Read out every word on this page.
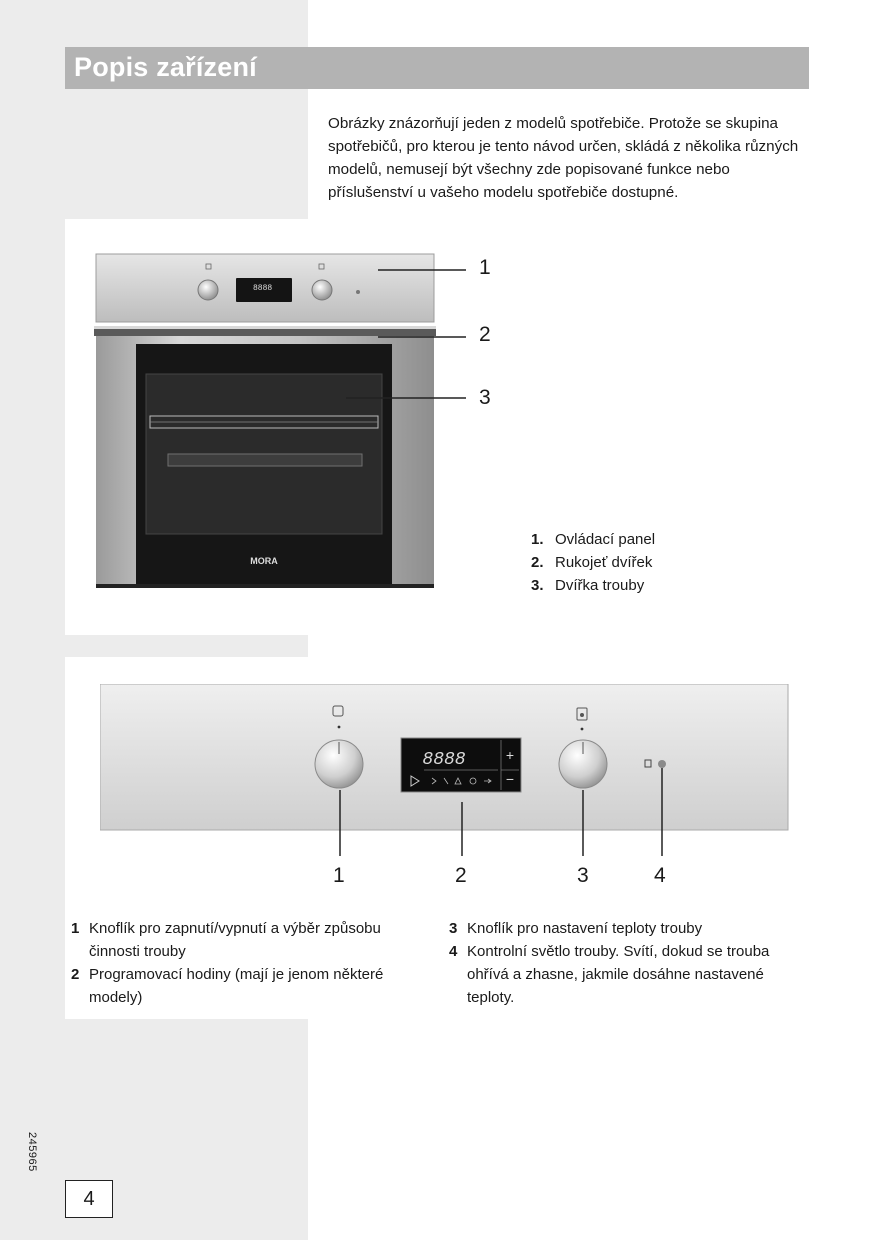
Popis zařízení

Obrázky znázorňují jeden z modelů spotřebiče. Protože se skupina spotřebičů, pro kterou je tento návod určen, skládá z několika různých modelů, nemusejí být všechny zde popisované funkce nebo příslušenství u vašeho modelu spotřebiče dostupné.

8888
MORA
1
2
3
1. Ovládací panel
2. Rukojeť dvířek
3. Dvířka trouby
8888	+
−
1	2	3	4
1 Knoflík pro zapnutí/vypnutí a výběr způsobu činnosti trouby
2 Programovací hodiny (mají je jenom některé modely)
3 Knoflík pro nastavení teploty trouby
4 Kontrolní světlo trouby. Svítí, dokud se trouba ohřívá a zhasne, jakmile dosáhne nastavené teploty.
245965
4
